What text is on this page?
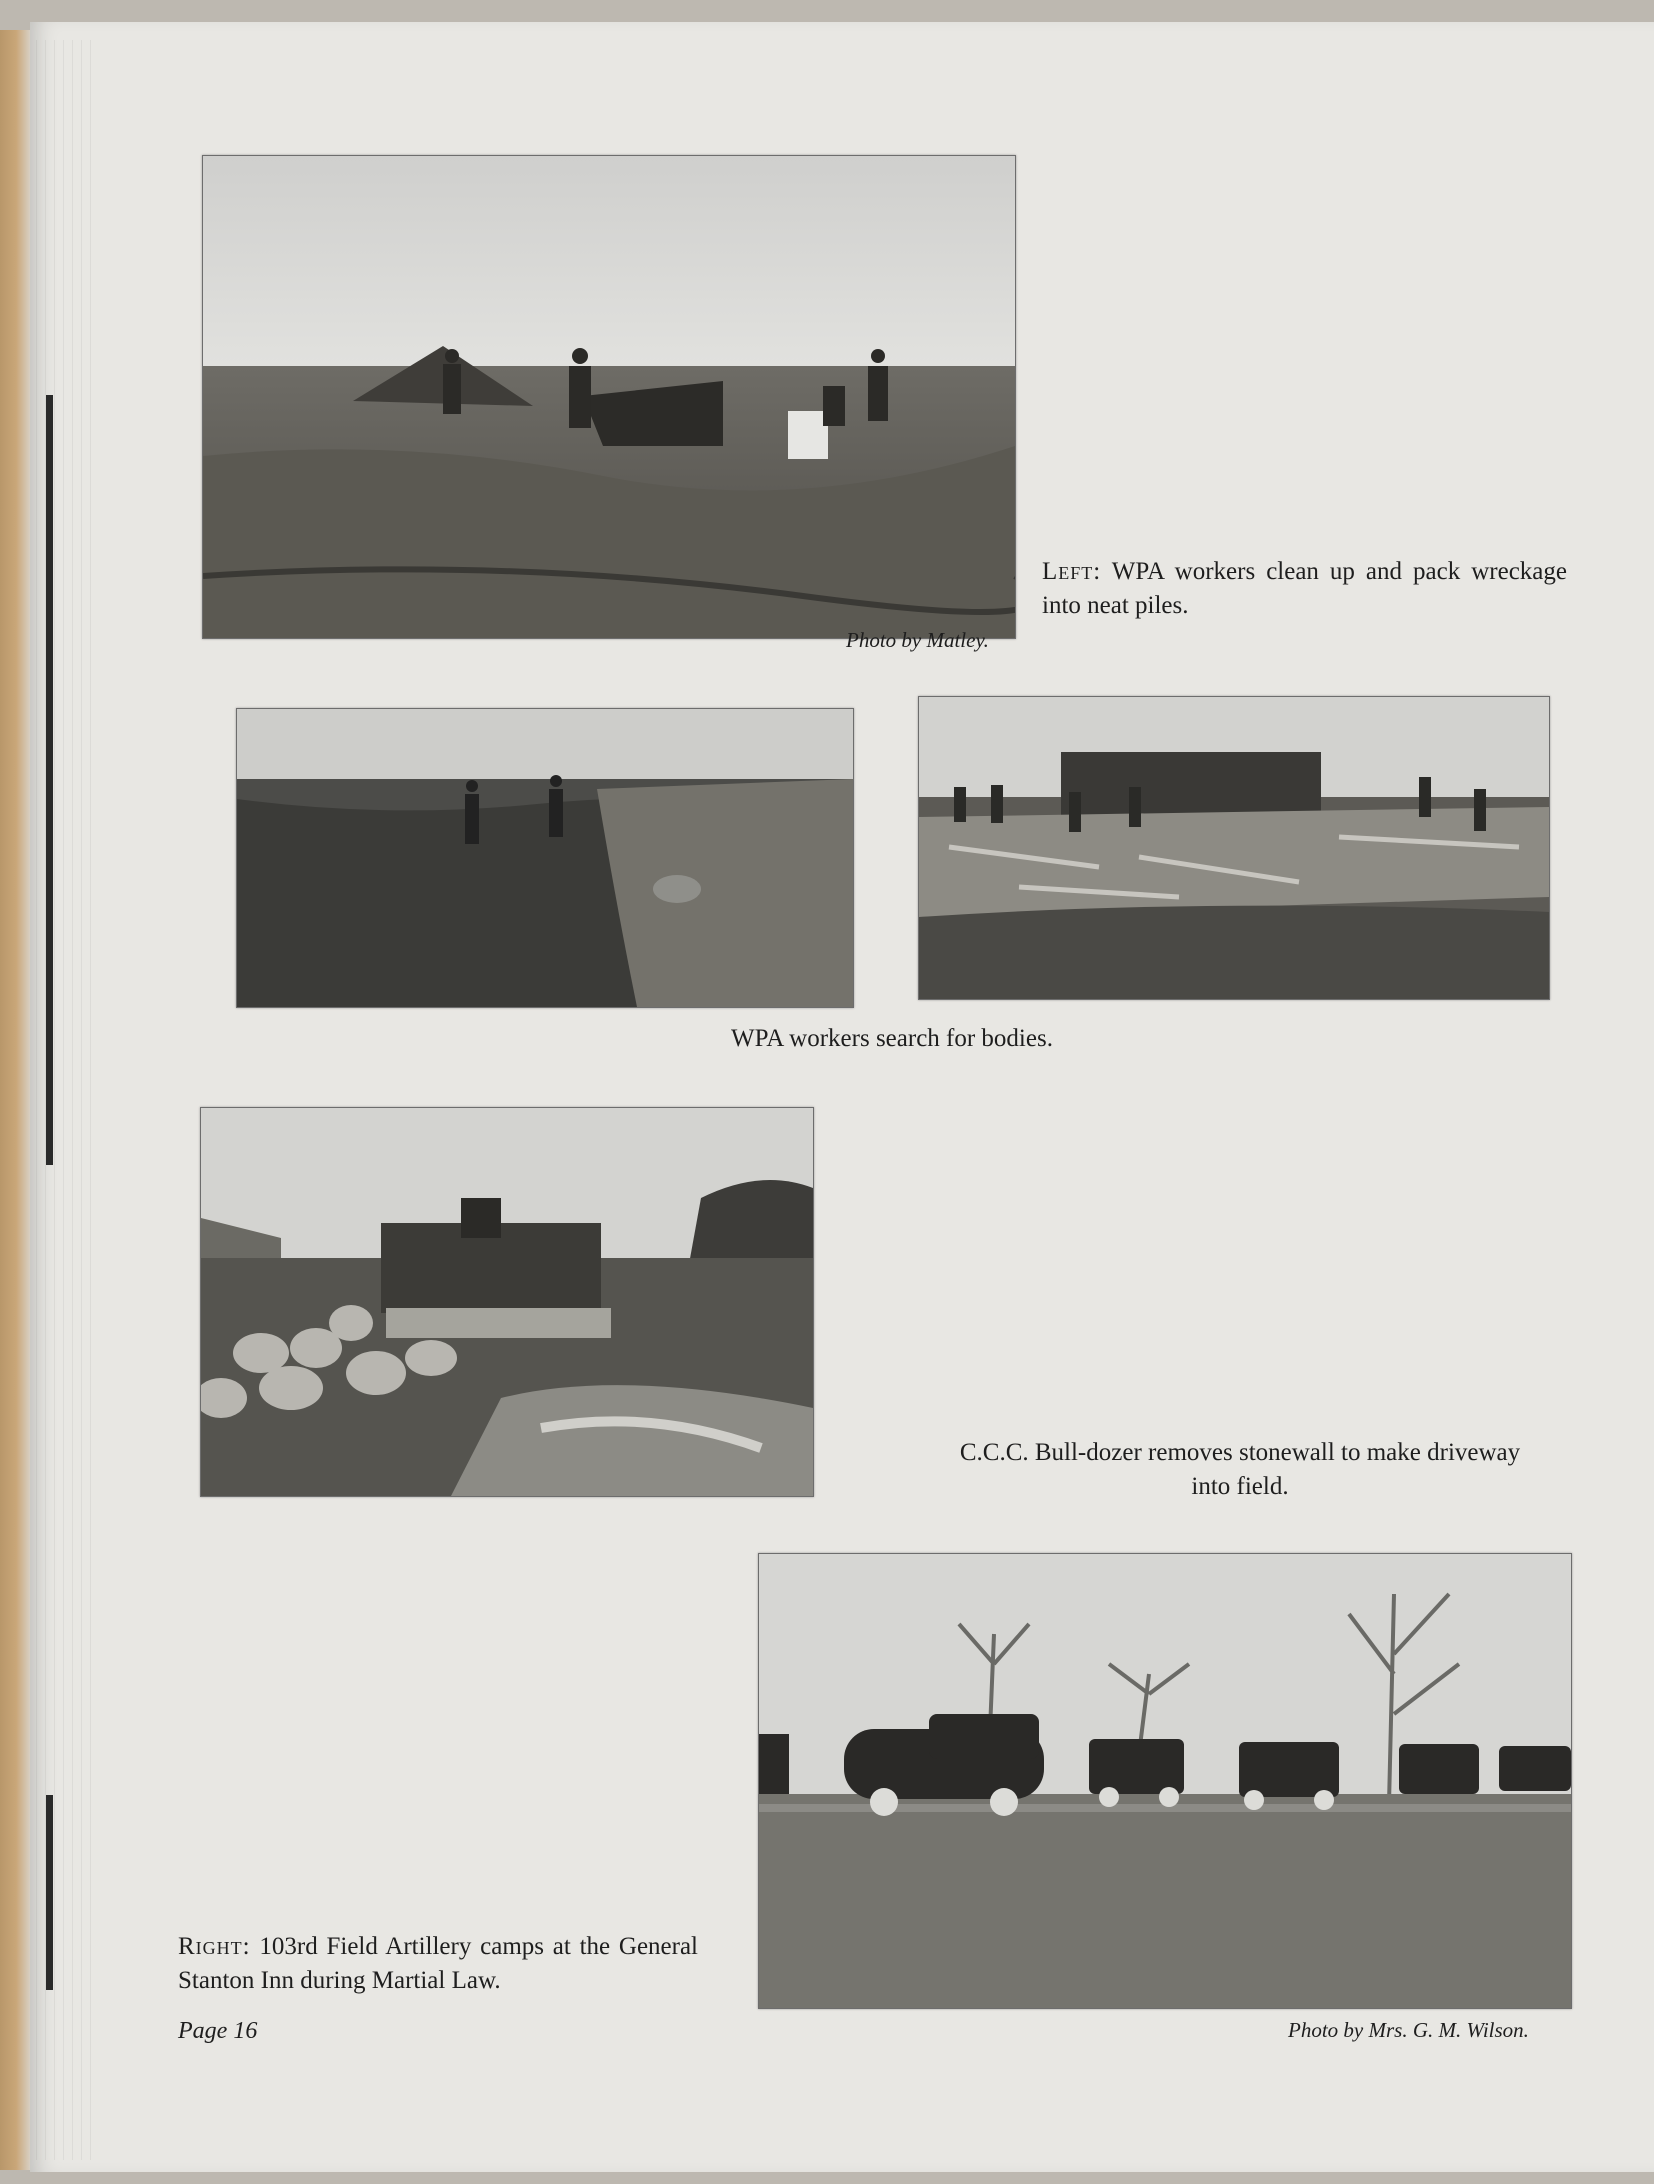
Photo by Matley.
Left: WPA workers clean up and pack wreckage into neat piles.
WPA workers search for bodies.
C.C.C. Bull-dozer removes stonewall to make driveway into field.
Photo by Mrs. G. M. Wilson.
Right: 103rd Field Artillery camps at the General Stanton Inn during Martial Law.
Page 16
